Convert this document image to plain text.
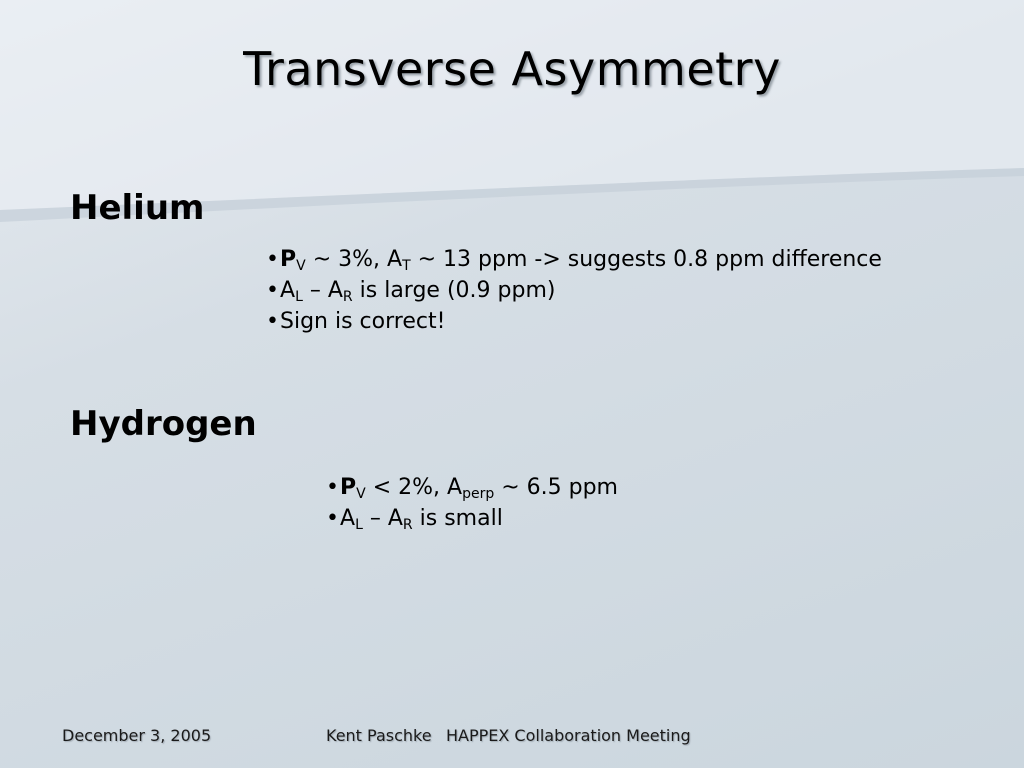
Transverse Asymmetry
Helium
$•P_V$ ~ 3%, $A_T$ ~ 13 ppm -> suggests 0.8 ppm difference
$•A_L - A_R$ is large (0.9 ppm)
•Sign is correct!
Hydrogen
$•P_V < 2\%$, $A_{perp}$ ~ 6.5 ppm
$•A_L - A_R$ is small
December 3, 2005	Kent Paschke HAPPEX Collaboration Meeting
